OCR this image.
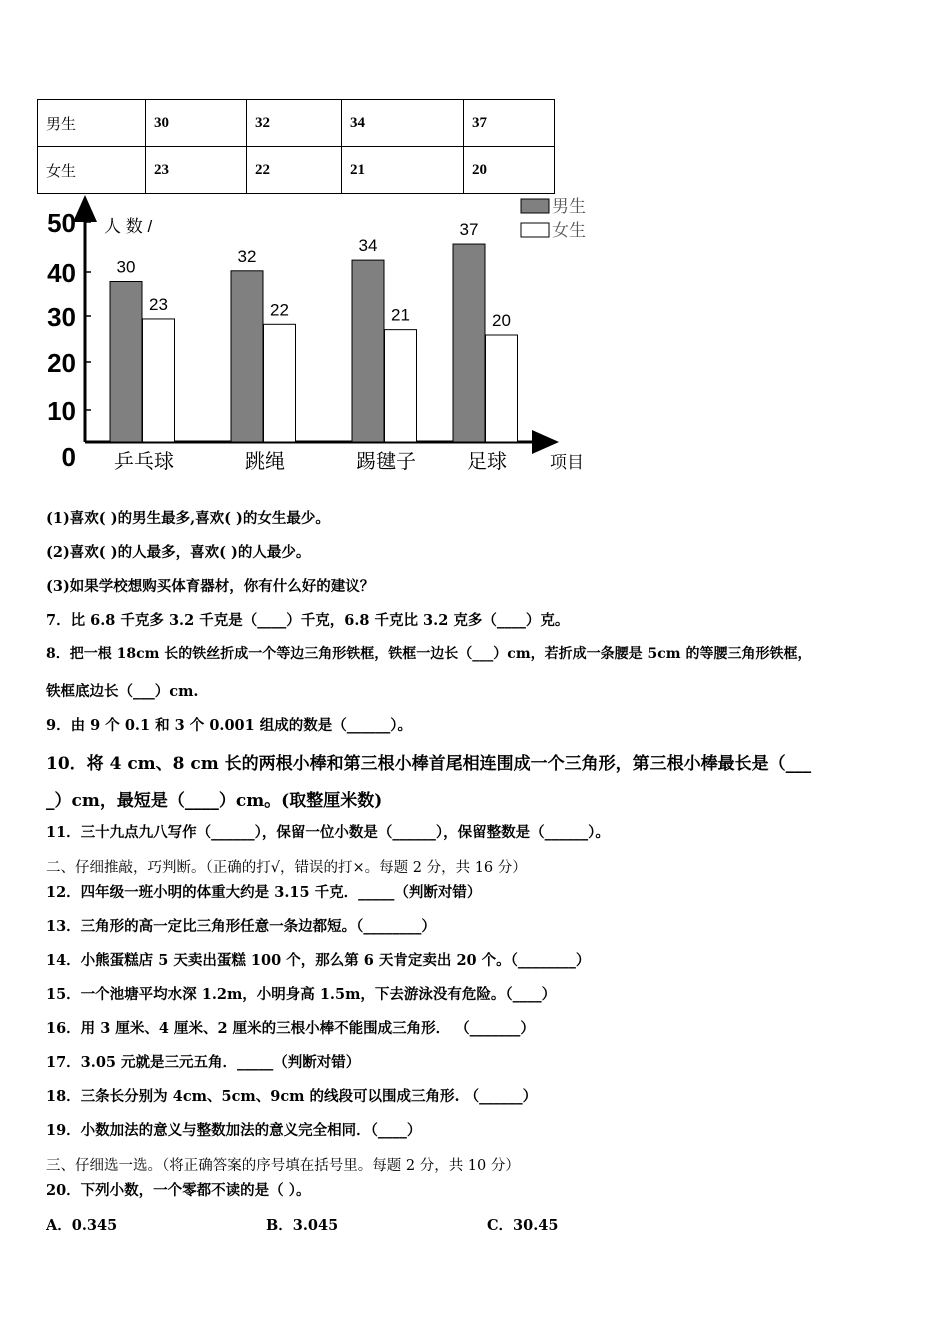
男生	30	32	34	37
女生	23	22	21	20
0
10
20
30
40
50 人 数 /
30
23
32
22
34
21
37
20
乒乓球	跳绳	踢毽子	足球	项目
男生
女生
(1)喜欢( )的男生最多,喜欢( )的女生最少。
(2)喜欢( )的人最多，喜欢( )的人最少。
(3)如果学校想购买体育器材，你有什么好的建议？
7．比 6.8 千克多 3.2 千克是（____）千克，6.8 千克比 3.2 克多（____）克。
8．把一根 18cm 长的铁丝折成一个等边三角形铁框，铁框一边长（___）cm，若折成一条腰是 5cm 的等腰三角形铁框，
铁框底边长（___）cm.
9．由 9 个 0.1 和 3 个 0.001 组成的数是（______）。
10．将 4 cm、8 cm 长的两根小棒和第三根小棒首尾相连围成一个三角形，第三根小棒最长是（___
_）cm，最短是（____）cm。(取整厘米数)
11．三十九点九八写作（______），保留一位小数是（______），保留整数是（______）。
二、仔细推敲，巧判断。（正确的打√，错误的打×。每题 2 分，共 16 分）
12．四年级一班小明的体重大约是 3.15 千克．_____（判断对错）
13．三角形的高一定比三角形任意一条边都短。（________）
14．小熊蛋糕店 5 天卖出蛋糕 100 个，那么第 6 天肯定卖出 20 个。（________）
15．一个池塘平均水深 1.2m，小明身高 1.5m，下去游泳没有危险。（____）
16．用 3 厘米、4 厘米、2 厘米的三根小棒不能围成三角形． （_______）
17．3.05 元就是三元五角．_____（判断对错）
18．三条长分别为 4cm、5cm、9cm 的线段可以围成三角形. （______）
19．小数加法的意义与整数加法的意义完全相同．（____）
三、仔细选一选。（将正确答案的序号填在括号里。每题 2 分，共 10 分）
20．下列小数，一个零都不读的是（ ）。
A．0.345	B．3.045	C．30.45
